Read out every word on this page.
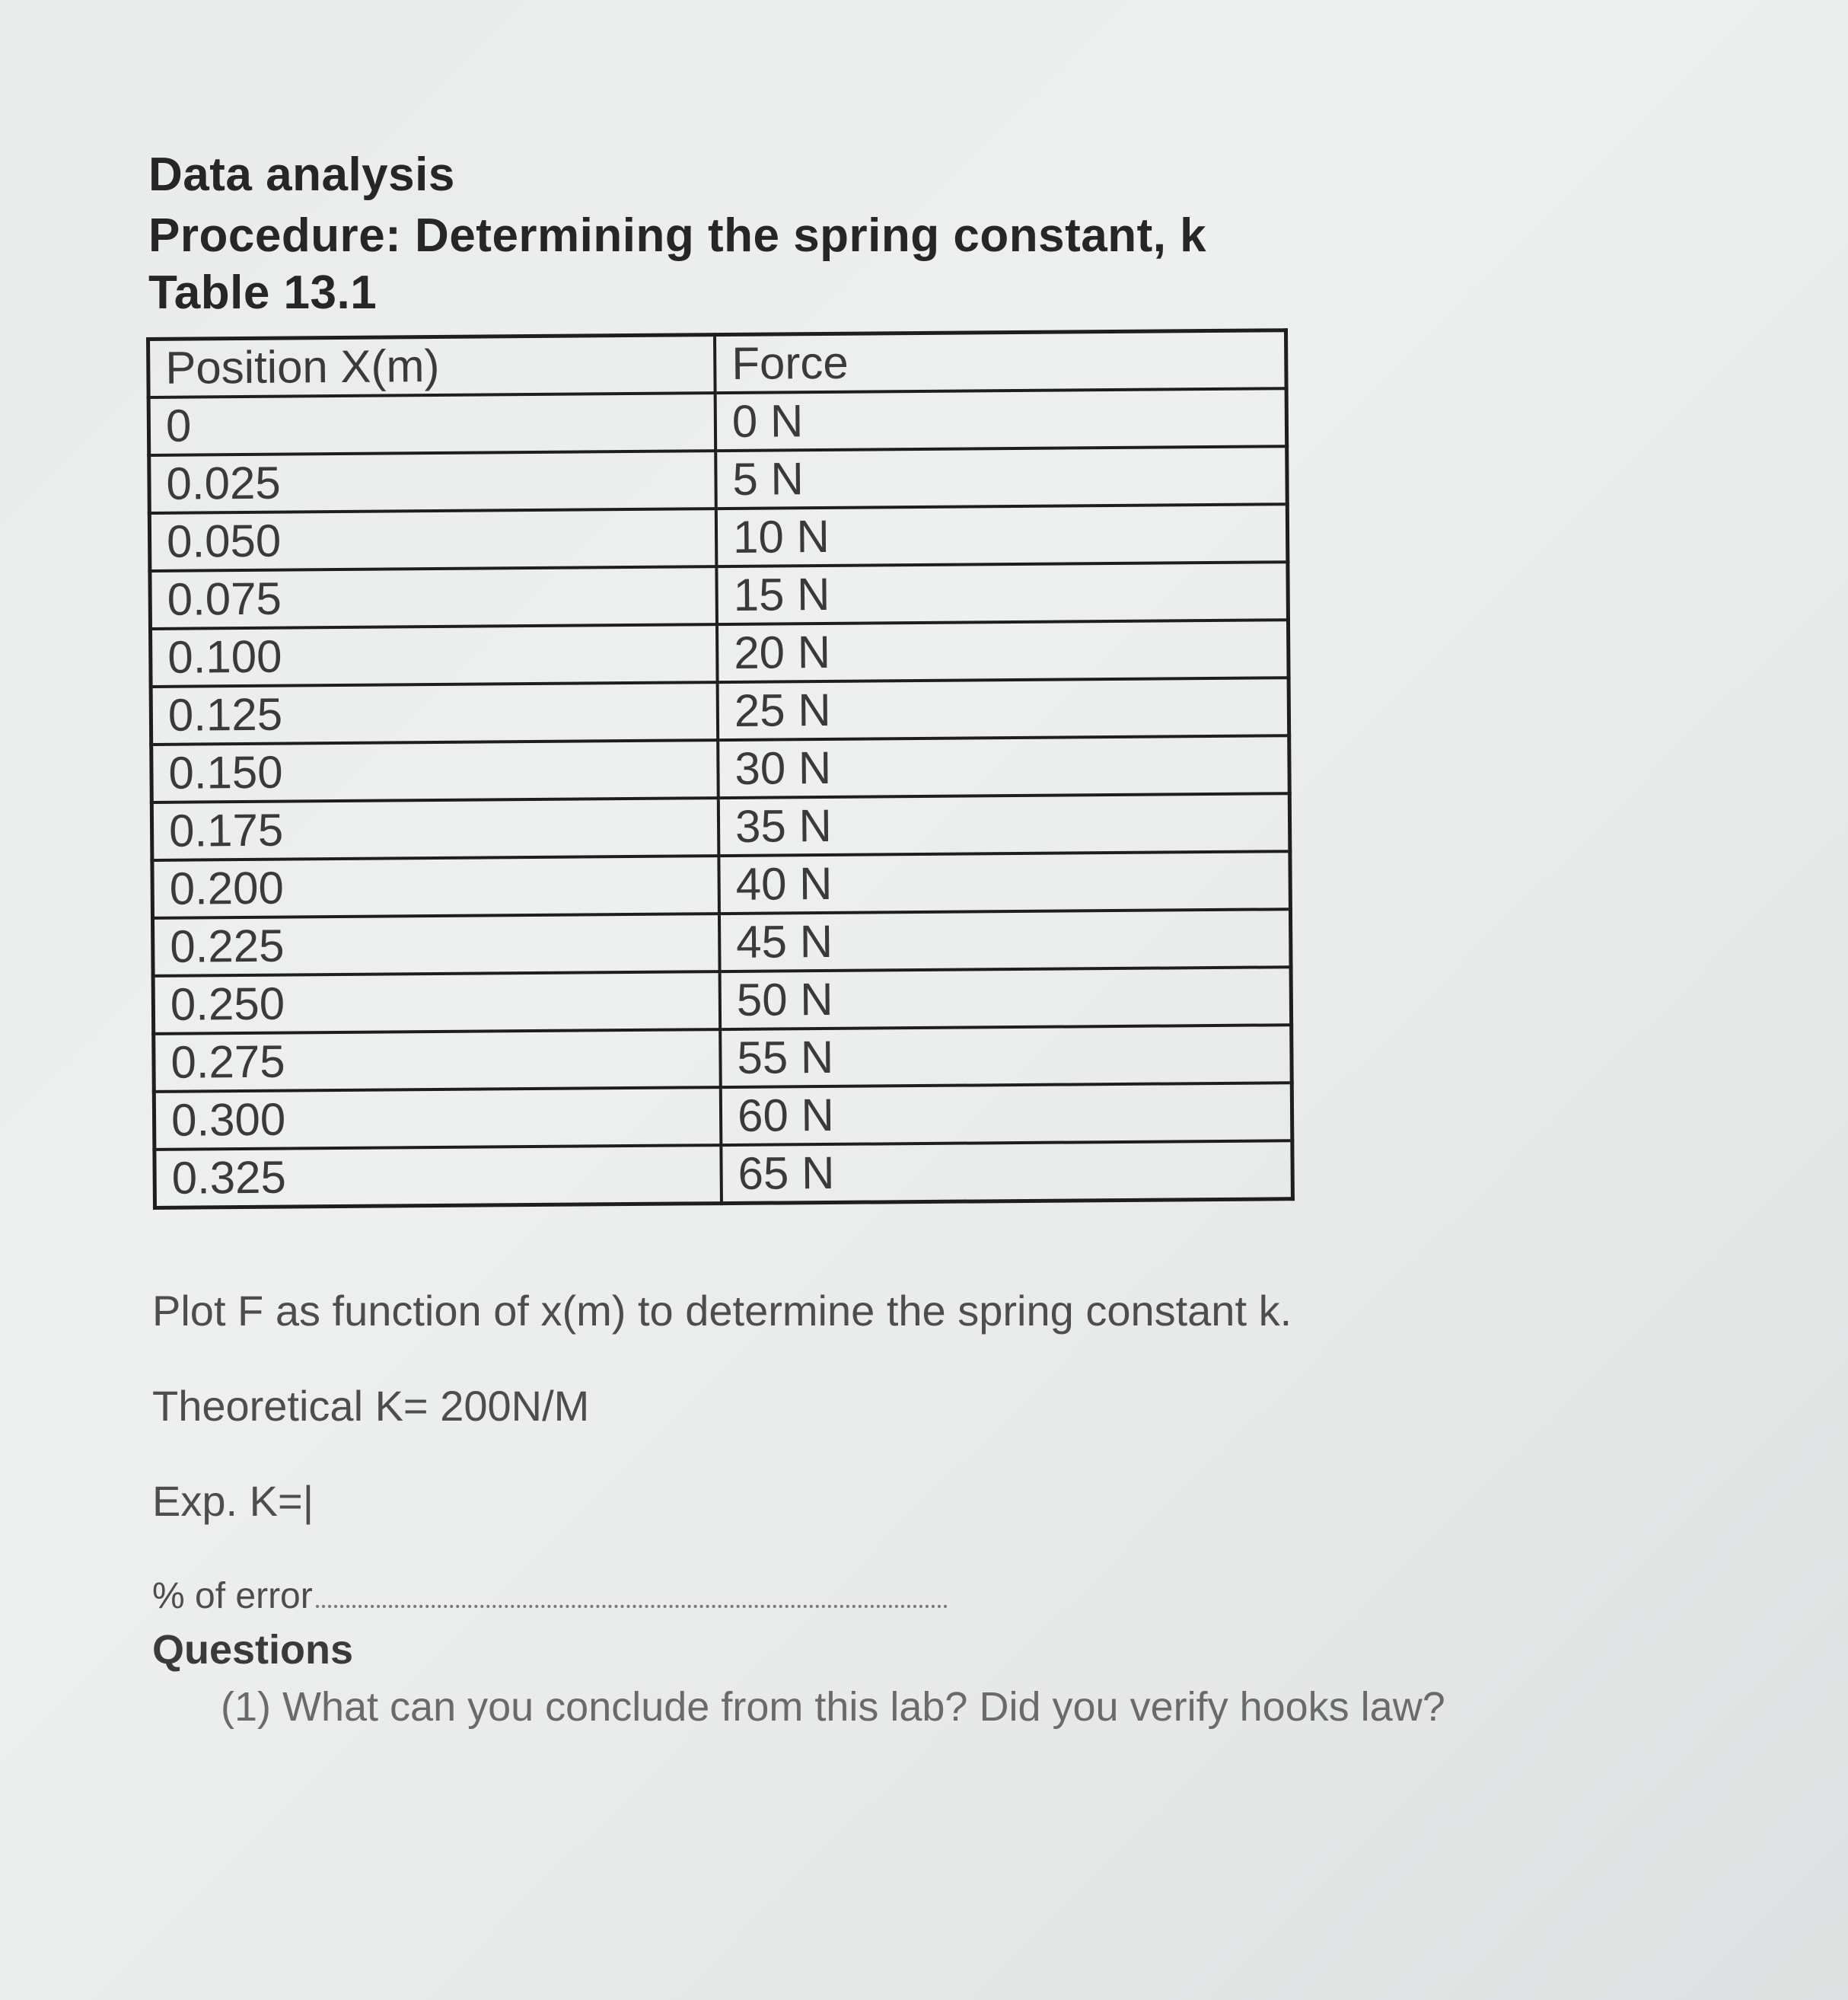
Data analysis
Procedure: Determining the spring constant, k
Table 13.1
Position X(m)	Force
0	0 N
0.025	5 N
0.050	10 N
0.075	15 N
0.100	20 N
0.125	25 N
0.150	30 N
0.175	35 N
0.200	40 N
0.225	45 N
0.250	50 N
0.275	55 N
0.300	60 N
0.325	65 N
Plot F as function of x(m) to determine the spring constant k.
Theoretical K= 200N/M
Exp. K=|
% of error
Questions
(1) What can you conclude from this lab? Did you verify hooks law?
